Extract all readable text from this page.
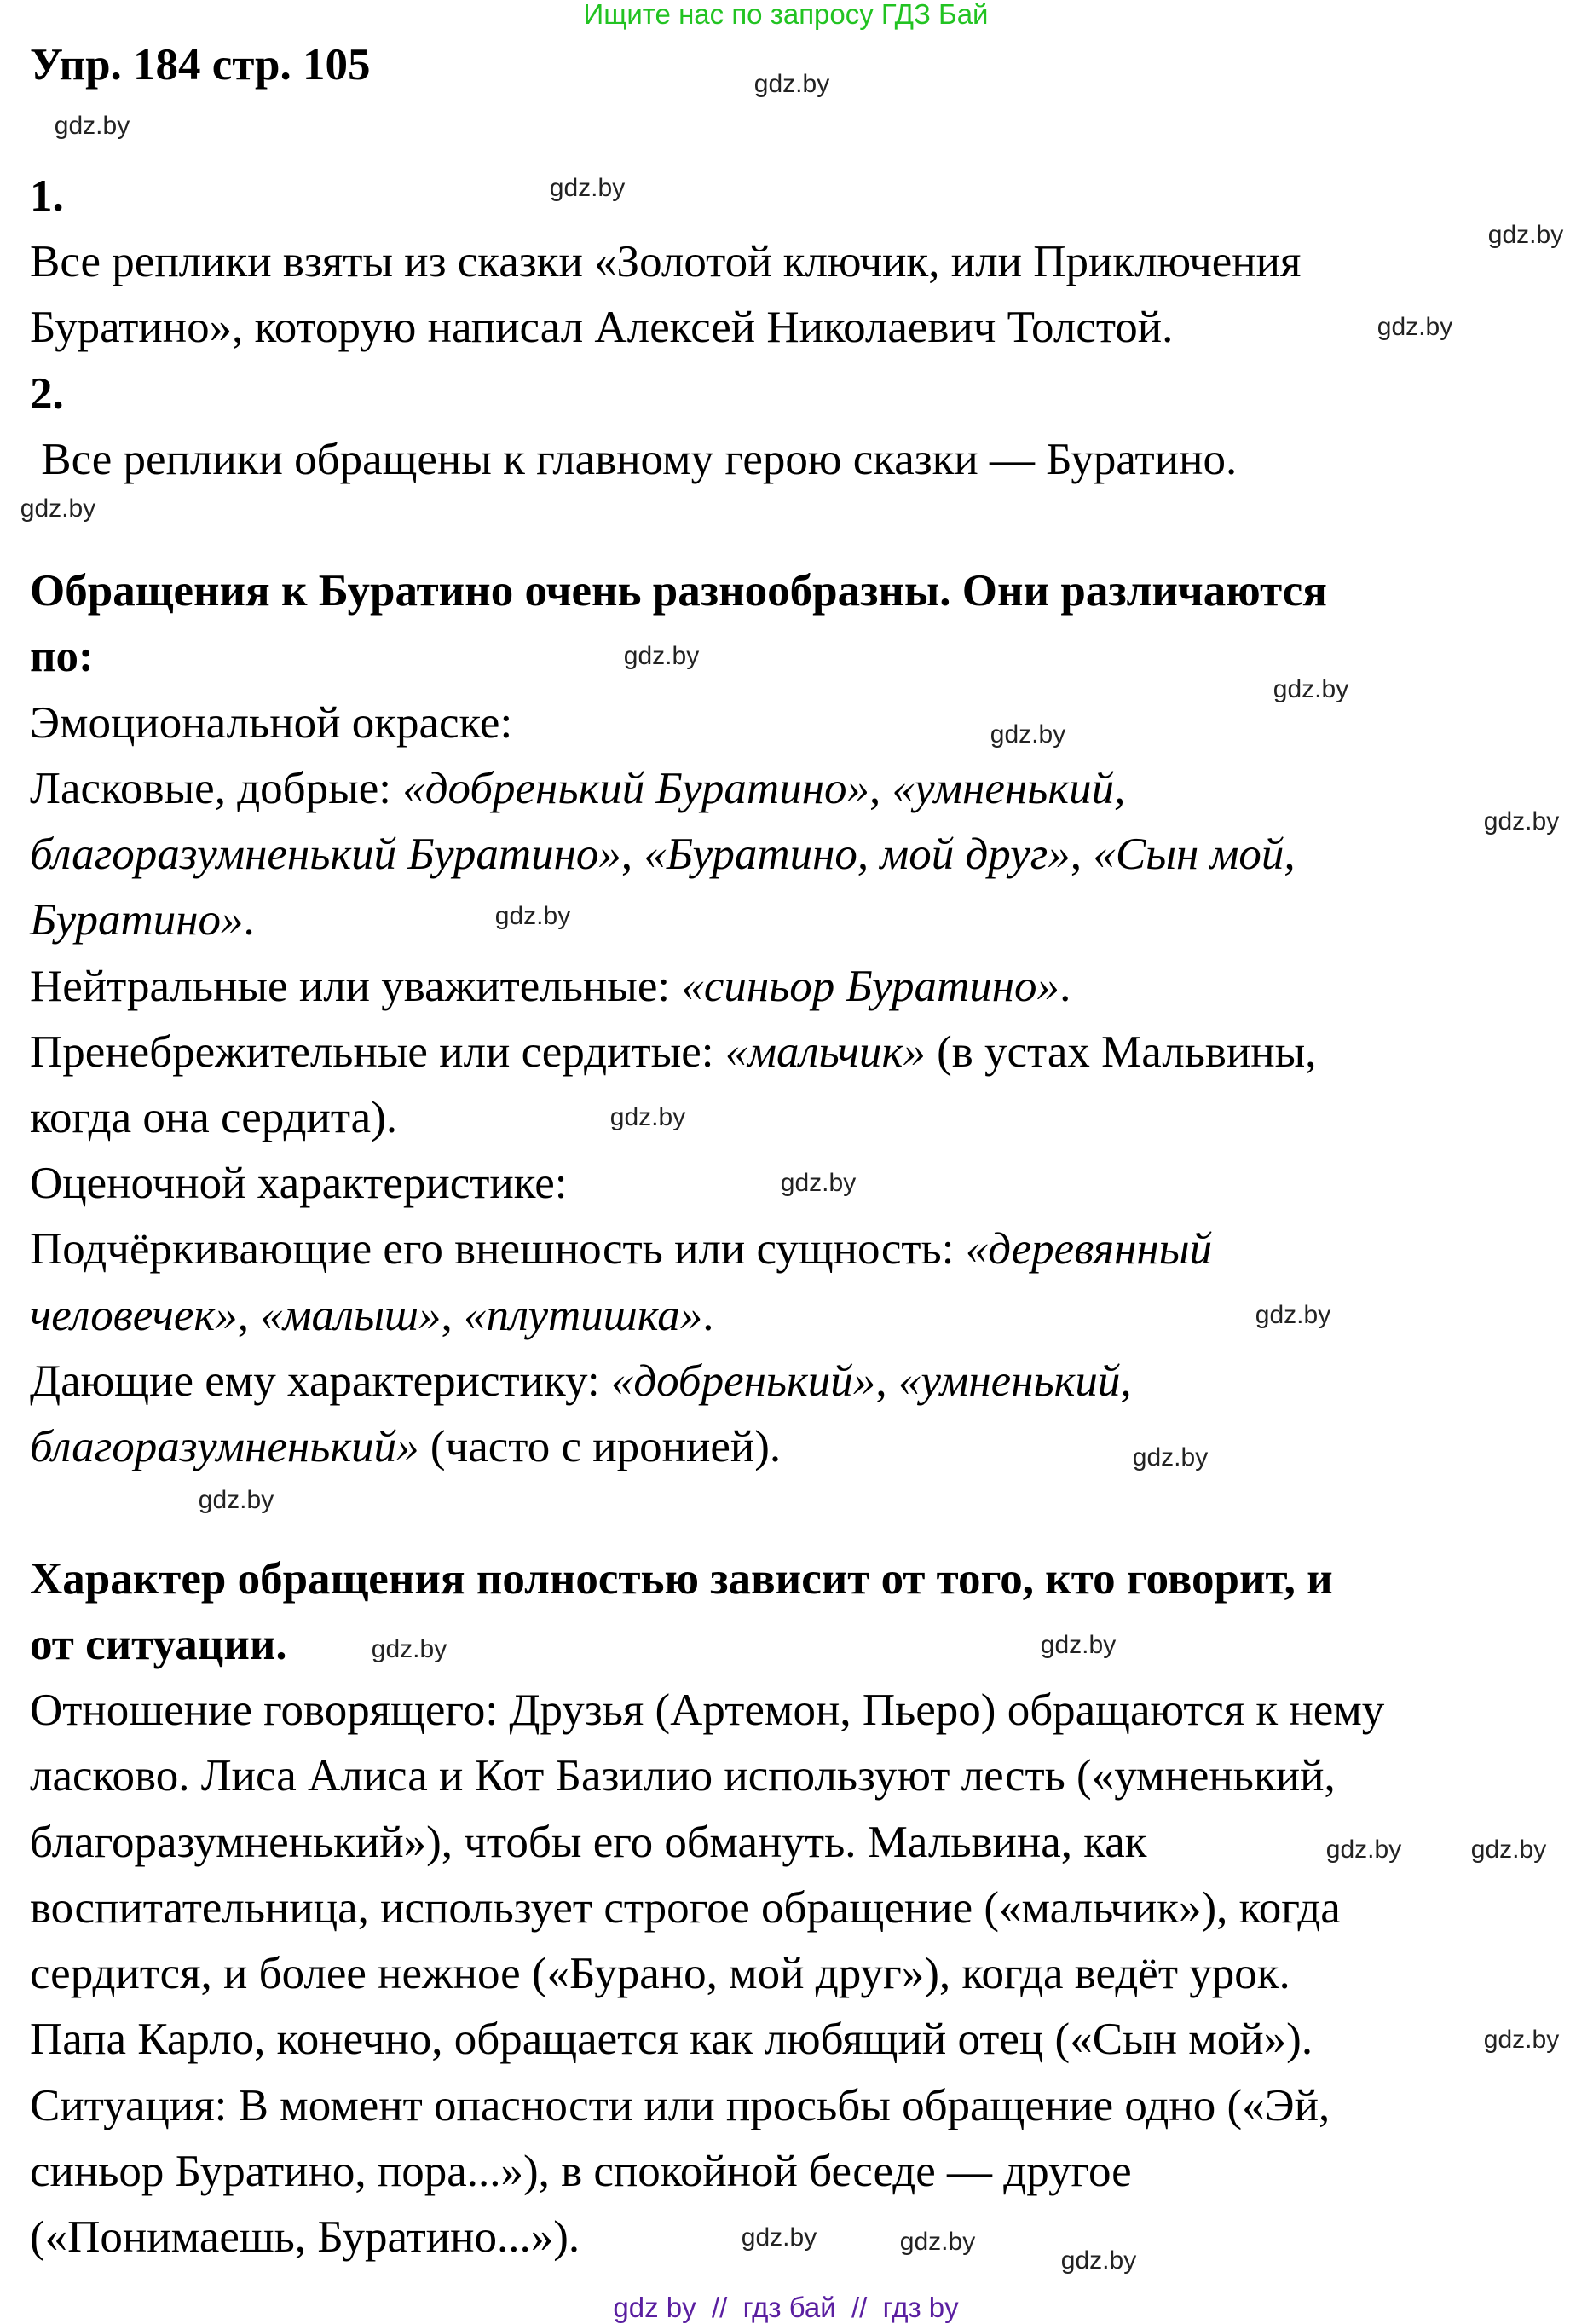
Ищите нас по запросу ГДЗ Бай
Упр. 184 стр. 105
1.
Все реплики взяты из сказки «Золотой ключик, или Приключения
Буратино», которую написал Алексей Николаевич Толстой.
2.
Все реплики обращены к главному герою сказки — Буратино.
Обращения к Буратино очень разнообразны. Они различаются
по:
Эмоциональной окраске:
Ласковые, добрые: «добренький Буратино», «умненький,
благоразумненький Буратино», «Буратино, мой друг», «Сын мой,
Буратино».
Нейтральные или уважительные: «синьор Буратино».
Пренебрежительные или сердитые: «мальчик» (в устах Мальвины,
когда она сердита).
Оценочной характеристике:
Подчёркивающие его внешность или сущность: «деревянный
человечек», «малыш», «плутишка».
Дающие ему характеристику: «добренький», «умненький,
благоразумненький» (часто с иронией).
Характер обращения полностью зависит от того, кто говорит, и
от ситуации.
Отношение говорящего: Друзья (Артемон, Пьеро) обращаются к нему
ласково. Лиса Алиса и Кот Базилио используют лесть («умненький,
благоразумненький»), чтобы его обмануть. Мальвина, как
воспитательница, использует строгое обращение («мальчик»), когда
сердится, и более нежное («Бурано, мой друг»), когда ведёт урок.
Папа Карло, конечно, обращается как любящий отец («Сын мой»).
Ситуация: В момент опасности или просьбы обращение одно («Эй,
синьор Буратино, пора...»), в спокойной беседе — другое
(«Понимаешь, Буратино...»).
gdz.by
gdz.by
gdz.by
gdz.by
gdz.by
gdz.by
gdz.by
gdz.by
gdz.by
gdz.by
gdz.by
gdz.by
gdz.by
gdz.by
gdz.by
gdz.by
gdz.by
gdz.by
gdz.by
gdz.by
gdz.by
gdz.by
gdz.by
gdz.by
gdz by  //  гдз бай  //  гдз by
